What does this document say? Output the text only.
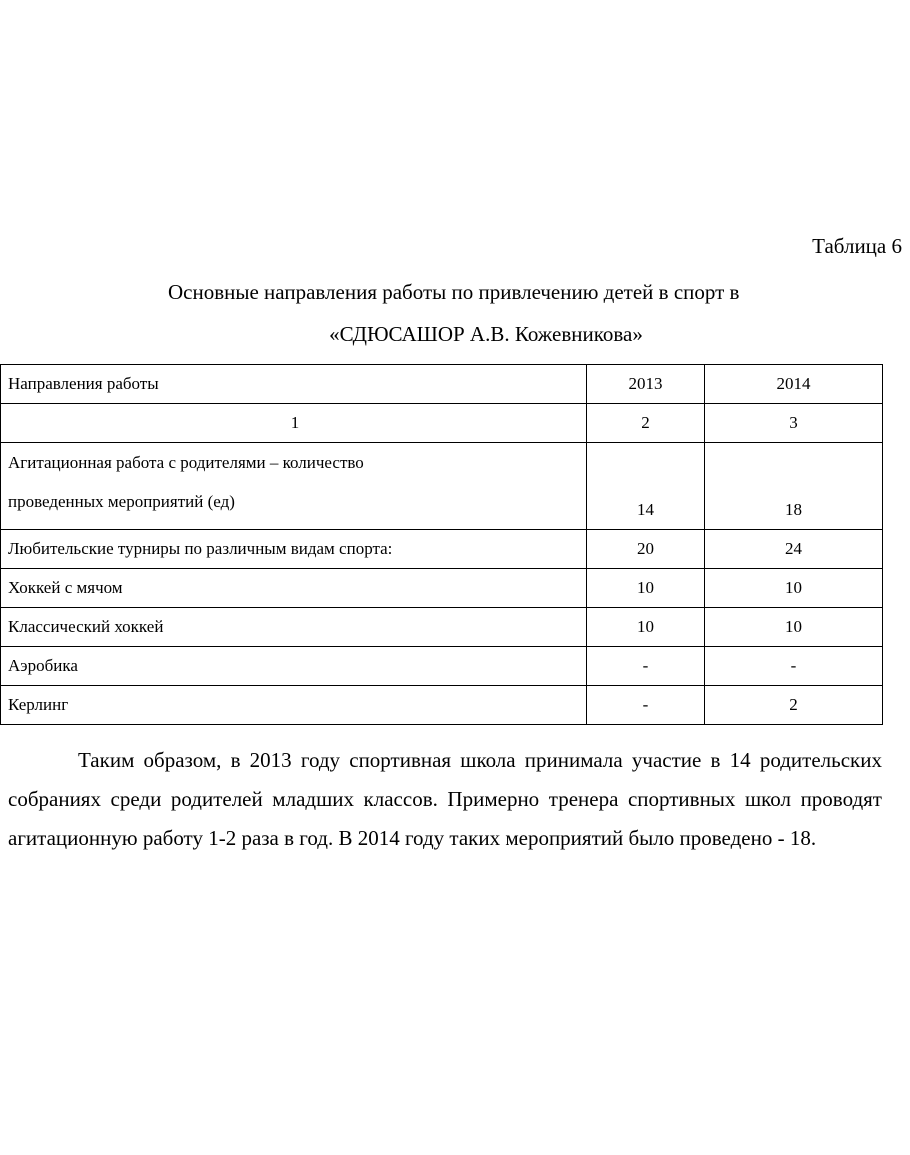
Таблица 6
Основные направления работы по привлечению детей в спорт в
«СДЮСАШОР А.В. Кожевникова»
Направления работы	2013	2014
1	2	3

Агитационная работа с родителями – количество
проведенных мероприятий (ед)	14	18
Любительские турниры по различным видам спорта:	20	24
Хоккей с мячом	10	10
Классический хоккей	10	10
Аэробика	-	-
Керлинг	-	2
Таким образом, в 2013 году спортивная школа принимала участие в 14 родительских собраниях среди родителей младших классов. Примерно тренера спортивных школ проводят агитационную работу 1-2 раза в год. В 2014 году таких мероприятий было проведено - 18.
